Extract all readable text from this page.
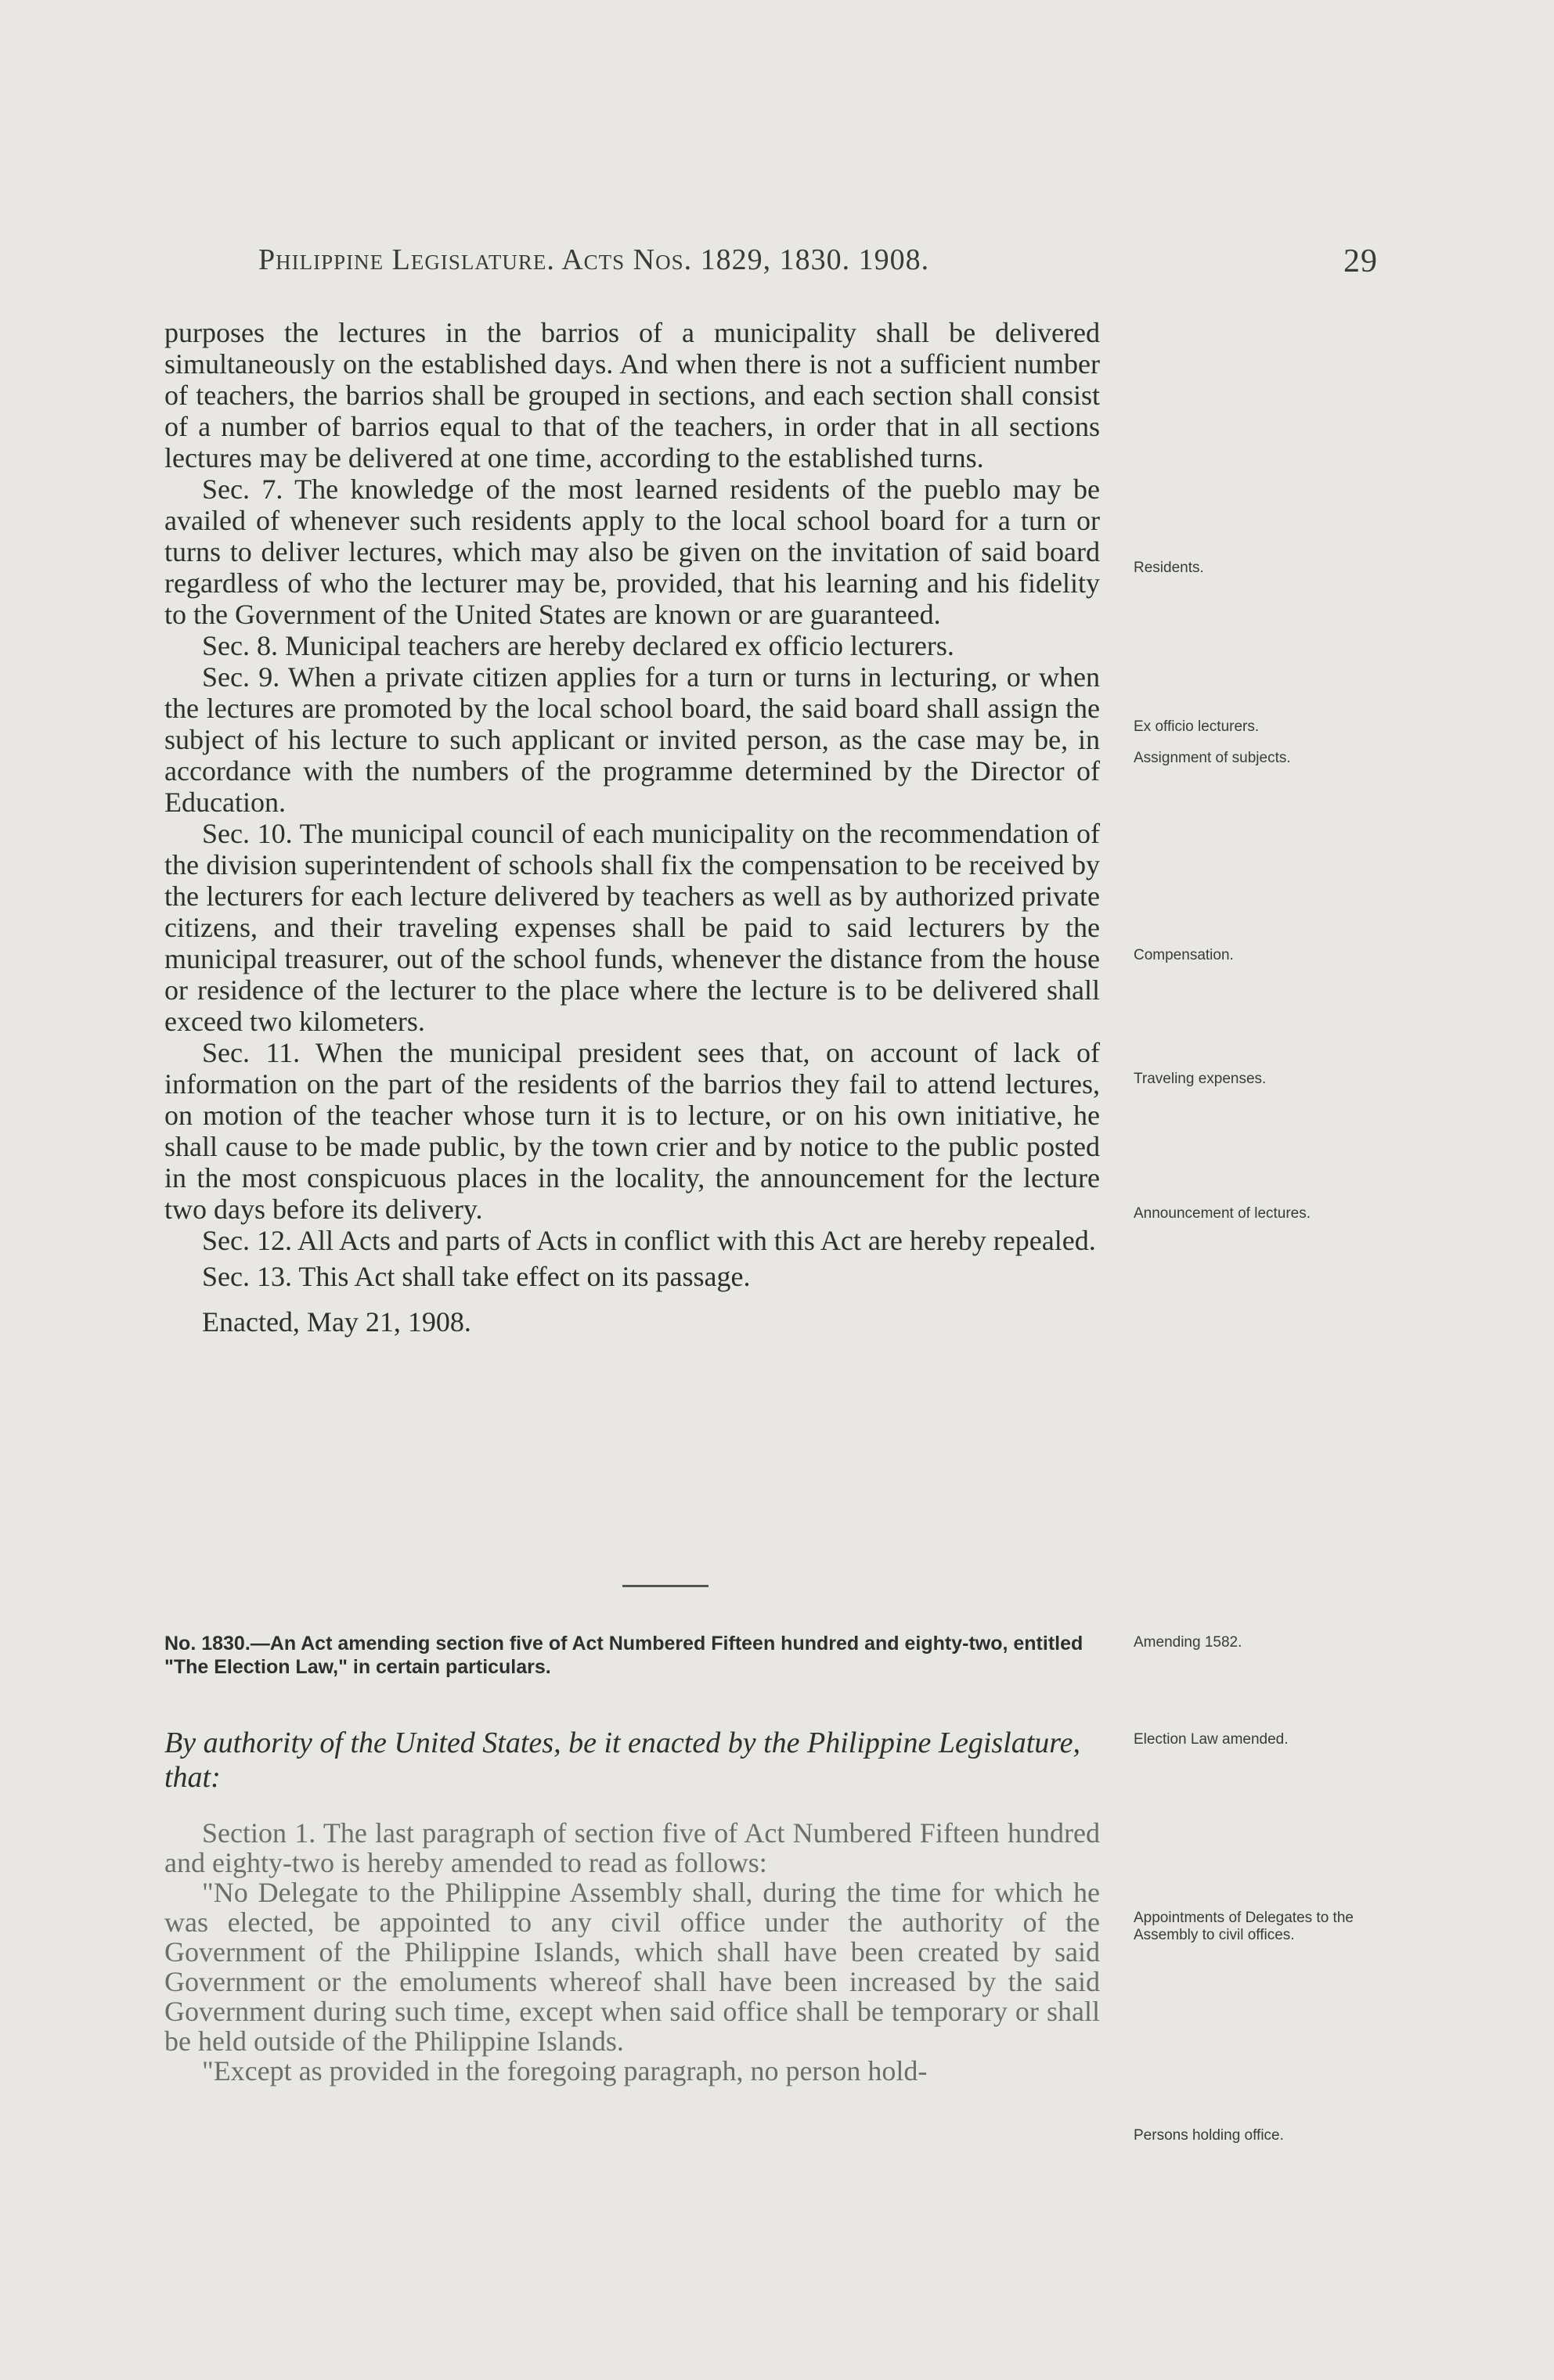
Philippine Legislature. Acts Nos. 1829, 1830. 1908.	29

purposes the lectures in the barrios of a municipality shall be delivered simultaneously on the established days. And when there is not a sufficient number of teachers, the barrios shall be grouped in sections, and each section shall consist of a number of barrios equal to that of the teachers, in order that in all sections lectures may be delivered at one time, according to the established turns.

Sec. 7. The knowledge of the most learned residents of the pueblo may be availed of whenever such residents apply to the local school board for a turn or turns to deliver lectures, which may also be given on the invitation of said board regardless of who the lecturer may be, provided, that his learning and his fidelity to the Government of the United States are known or are guaranteed.

Sec. 8. Municipal teachers are hereby declared ex officio lecturers.

Sec. 9. When a private citizen applies for a turn or turns in lecturing, or when the lectures are promoted by the local school board, the said board shall assign the subject of his lecture to such applicant or invited person, as the case may be, in accordance with the numbers of the programme determined by the Director of Education.

Sec. 10. The municipal council of each municipality on the recommendation of the division superintendent of schools shall fix the compensation to be received by the lecturers for each lecture delivered by teachers as well as by authorized private citizens, and their traveling expenses shall be paid to said lecturers by the municipal treasurer, out of the school funds, whenever the distance from the house or residence of the lecturer to the place where the lecture is to be delivered shall exceed two kilometers.

Sec. 11. When the municipal president sees that, on account of lack of information on the part of the residents of the barrios they fail to attend lectures, on motion of the teacher whose turn it is to lecture, or on his own initiative, he shall cause to be made public, by the town crier and by notice to the public posted in the most conspicuous places in the locality, the announcement for the lecture two days before its delivery.

Sec. 12. All Acts and parts of Acts in conflict with this Act are hereby repealed.

Sec. 13. This Act shall take effect on its passage.

Enacted, May 21, 1908.

Residents.
Ex officio lecturers.
Assignment of subjects.
Compensation.
Traveling expenses.
Announcement of lectures.
No. 1830.—An Act amending section five of Act Numbered Fifteen hundred and eighty-two, entitled "The Election Law," in certain particulars.
Amending 1582.
By authority of the United States, be it enacted by the Philippine Legislature, that:
Election Law amended.

Section 1. The last paragraph of section five of Act Numbered Fifteen hundred and eighty-two is hereby amended to read as follows:

"No Delegate to the Philippine Assembly shall, during the time for which he was elected, be appointed to any civil office under the authority of the Government of the Philippine Islands, which shall have been created by said Government or the emoluments whereof shall have been increased by the said Government during such time, except when said office shall be temporary or shall be held outside of the Philippine Islands.

"Except as provided in the foregoing paragraph, no person hold-

Appointments of Delegates to the Assembly to civil offices.
Persons holding office.
